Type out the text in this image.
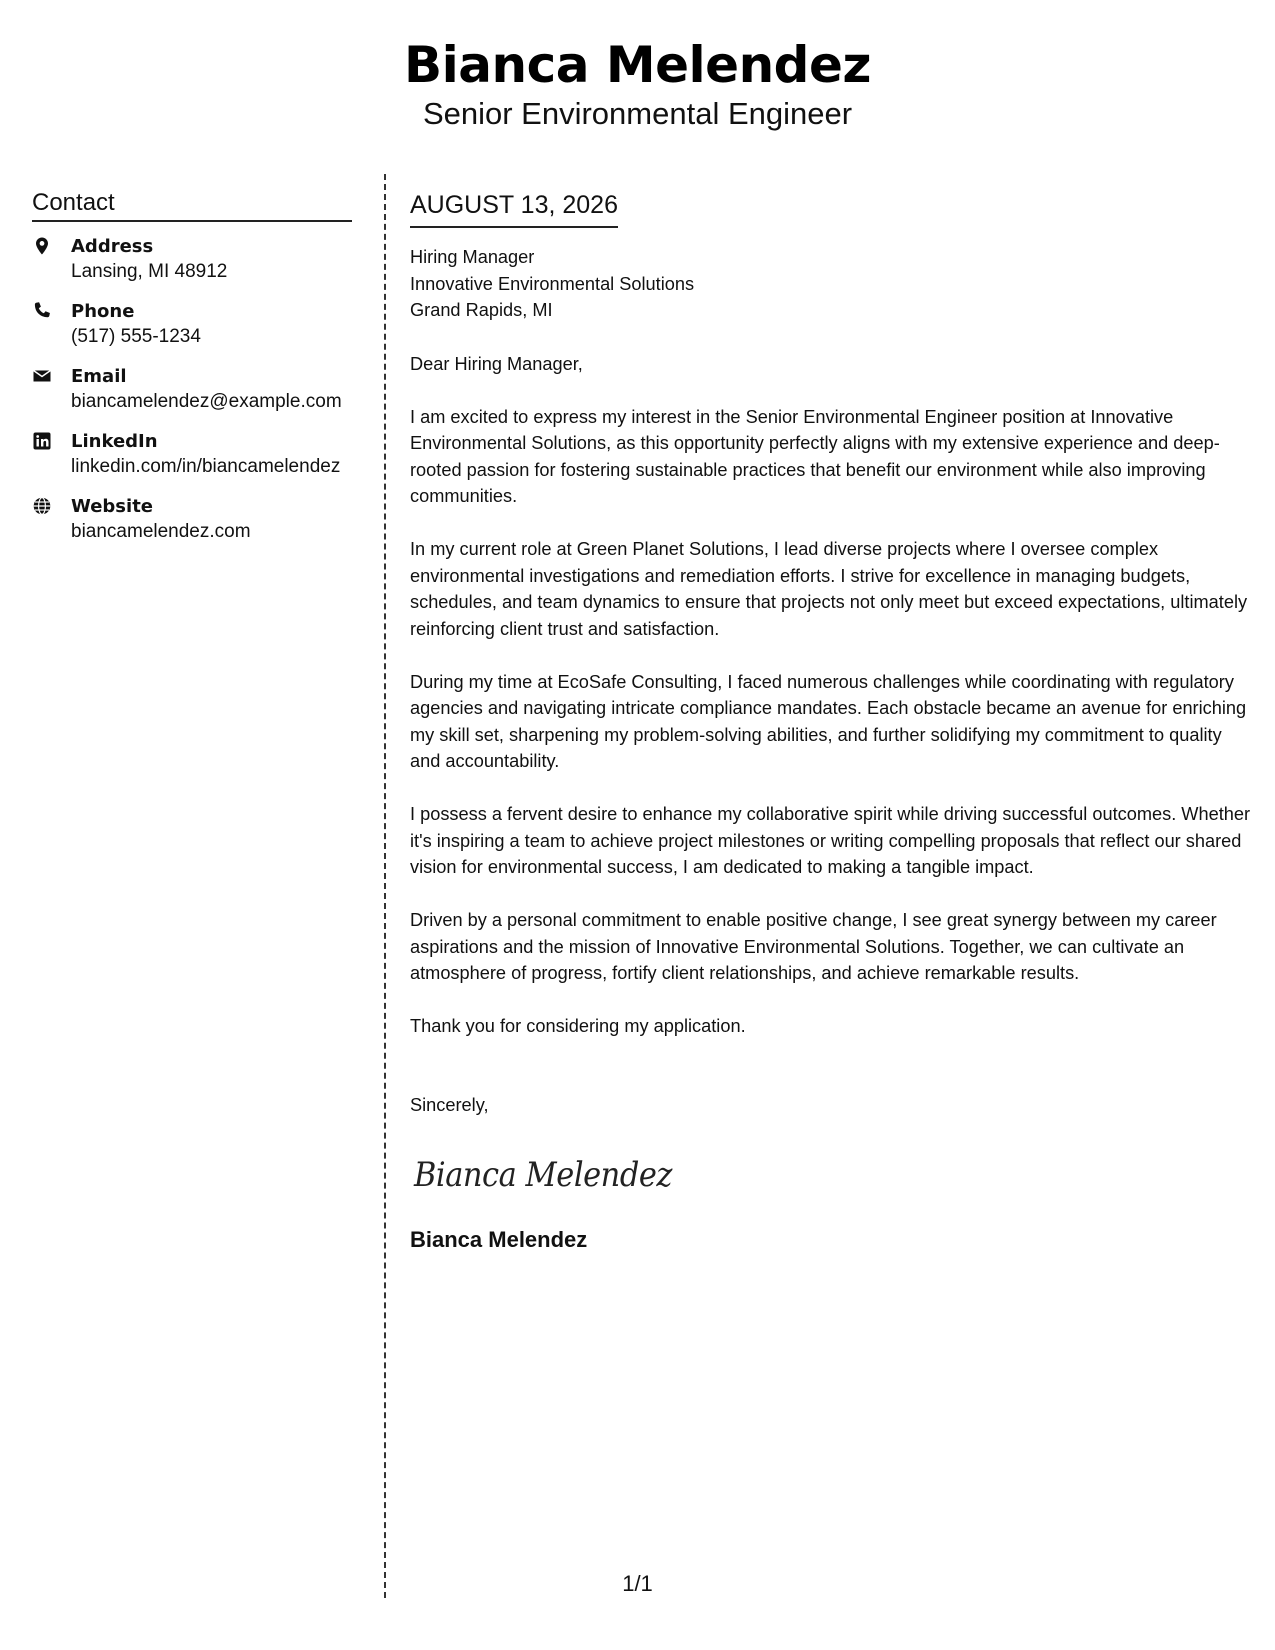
Bianca Melendez
Senior Environmental Engineer
Contact
Address
Lansing, MI 48912
Phone
(517) 555-1234
Email
biancamelendez@example.com
LinkedIn
linkedin.com/in/biancamelendez
Website
biancamelendez.com
AUGUST 13, 2026
Hiring Manager
Innovative Environmental Solutions
Grand Rapids, MI

Dear Hiring Manager,

I am excited to express my interest in the Senior Environmental Engineer position at Innovative Environmental Solutions, as this opportunity perfectly aligns with my extensive experience and deep-rooted passion for fostering sustainable practices that benefit our environment while also improving communities.

In my current role at Green Planet Solutions, I lead diverse projects where I oversee complex environmental investigations and remediation efforts. I strive for excellence in managing budgets, schedules, and team dynamics to ensure that projects not only meet but exceed expectations, ultimately reinforcing client trust and satisfaction.

During my time at EcoSafe Consulting, I faced numerous challenges while coordinating with regulatory agencies and navigating intricate compliance mandates. Each obstacle became an avenue for enriching my skill set, sharpening my problem-solving abilities, and further solidifying my commitment to quality and accountability.

I possess a fervent desire to enhance my collaborative spirit while driving successful outcomes. Whether it's inspiring a team to achieve project milestones or writing compelling proposals that reflect our shared vision for environmental success, I am dedicated to making a tangible impact.

Driven by a personal commitment to enable positive change, I see great synergy between my career aspirations and the mission of Innovative Environmental Solutions. Together, we can cultivate an atmosphere of progress, fortify client relationships, and achieve remarkable results.

Thank you for considering my application.

Sincerely,

Bianca Melendez
Bianca Melendez
1/1
